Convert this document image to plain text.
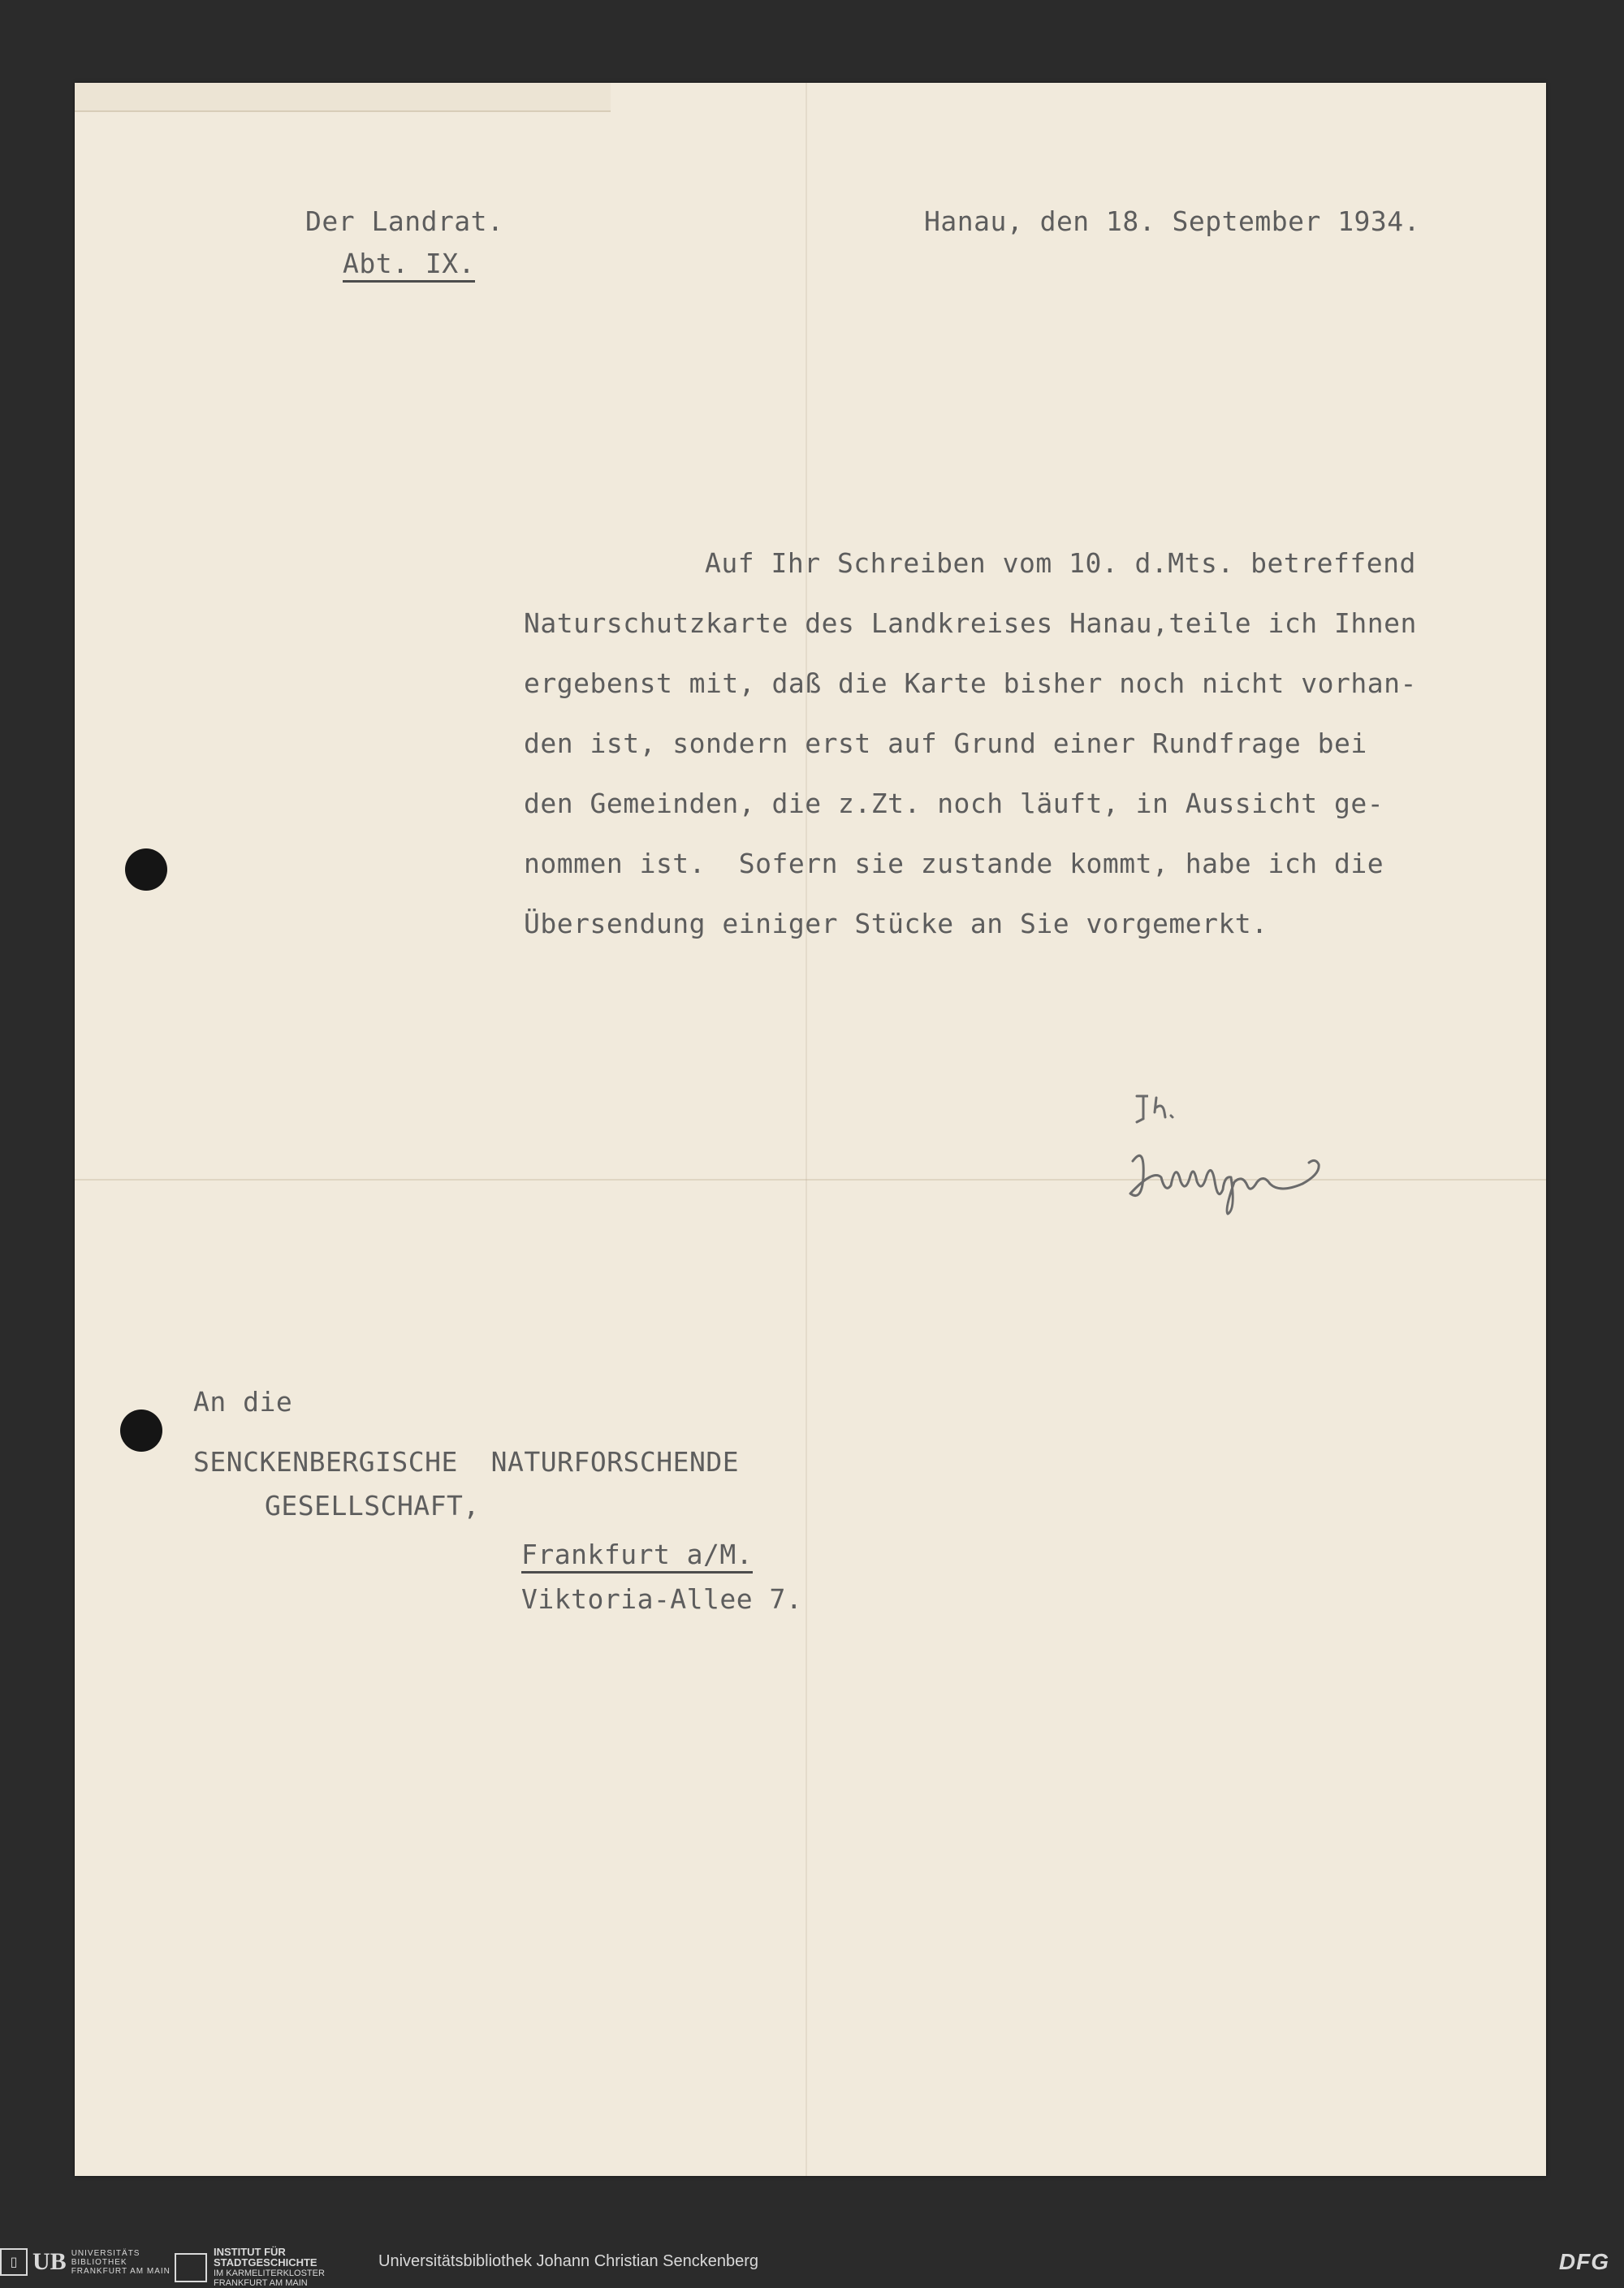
Der Landrat.
Abt. IX.
Hanau, den 18. September 1934.
Auf Ihr Schreiben vom 10. d.Mts. betreffend
Naturschutzkarte des Landkreises Hanau,teile ich Ihnen
ergebenst mit, daß die Karte bisher noch nicht vorhan-
den ist, sondern erst auf Grund einer Rundfrage bei
den Gemeinden, die z.Zt. noch läuft, in Aussicht ge-
nommen ist.  Sofern sie zustande kommt, habe ich die
Übersendung einiger Stücke an Sie vorgemerkt.
An die
SENCKENBERGISCHE  NATURFORSCHENDE
GESELLSCHAFT,
Frankfurt a/M.
Viktoria-Allee 7.
▯ UB UNIVERSITÄTS
BIBLIOTHEK
FRANKFURT AM MAIN
INSTITUT FÜR
STADTGESCHICHTE
IM KARMELITERKLOSTER
FRANKFURT AM MAIN
Universitätsbibliothek Johann Christian Senckenberg	DFG
